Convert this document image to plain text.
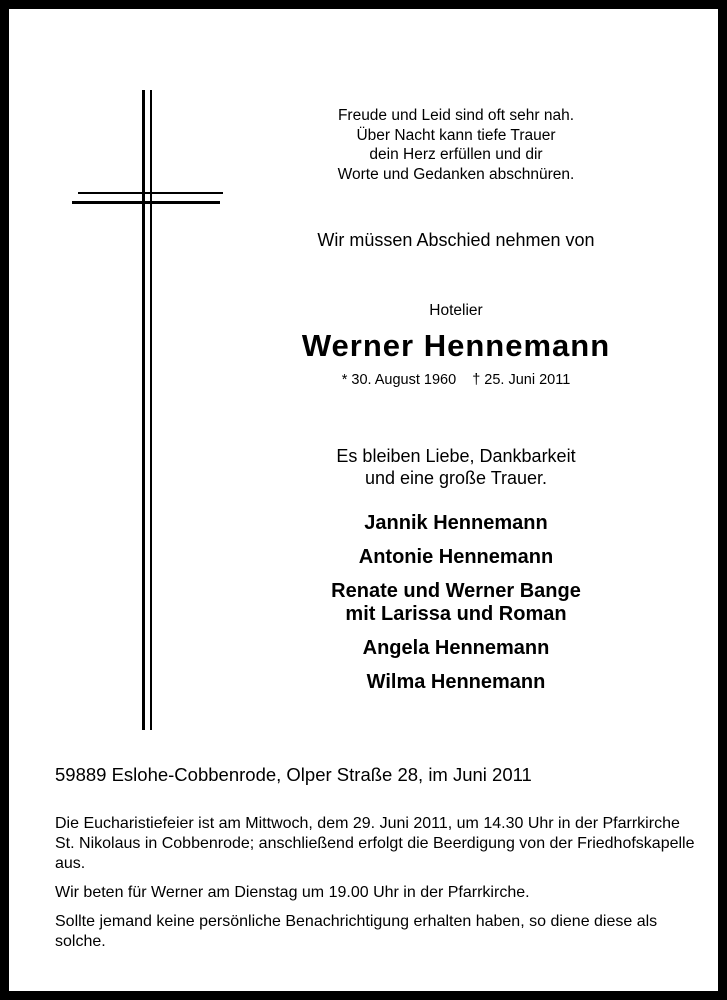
Freude und Leid sind oft sehr nah.
Über Nacht kann tiefe Trauer
dein Herz erfüllen und dir
Worte und Gedanken abschnüren.
Wir müssen Abschied nehmen von
Hotelier
Werner Hennemann
* 30. August 1960 † 25. Juni 2011
Es bleiben Liebe, Dankbarkeit
und eine große Trauer.
Jannik Hennemann
Antonie Hennemann
Renate und Werner Bange
mit Larissa und Roman
Angela Hennemann
Wilma Hennemann
59889 Eslohe-Cobbenrode, Olper Straße 28, im Juni 2011

Die Eucharistiefeier ist am Mittwoch, dem 29. Juni 2011, um 14.30 Uhr in der Pfarrkirche St. Nikolaus in Cobbenrode; anschließend erfolgt die Beerdigung von der Friedhofskapelle aus.

Wir beten für Werner am Dienstag um 19.00 Uhr in der Pfarrkirche.

Sollte jemand keine persönliche Benachrichtigung erhalten haben, so diene diese als solche.
